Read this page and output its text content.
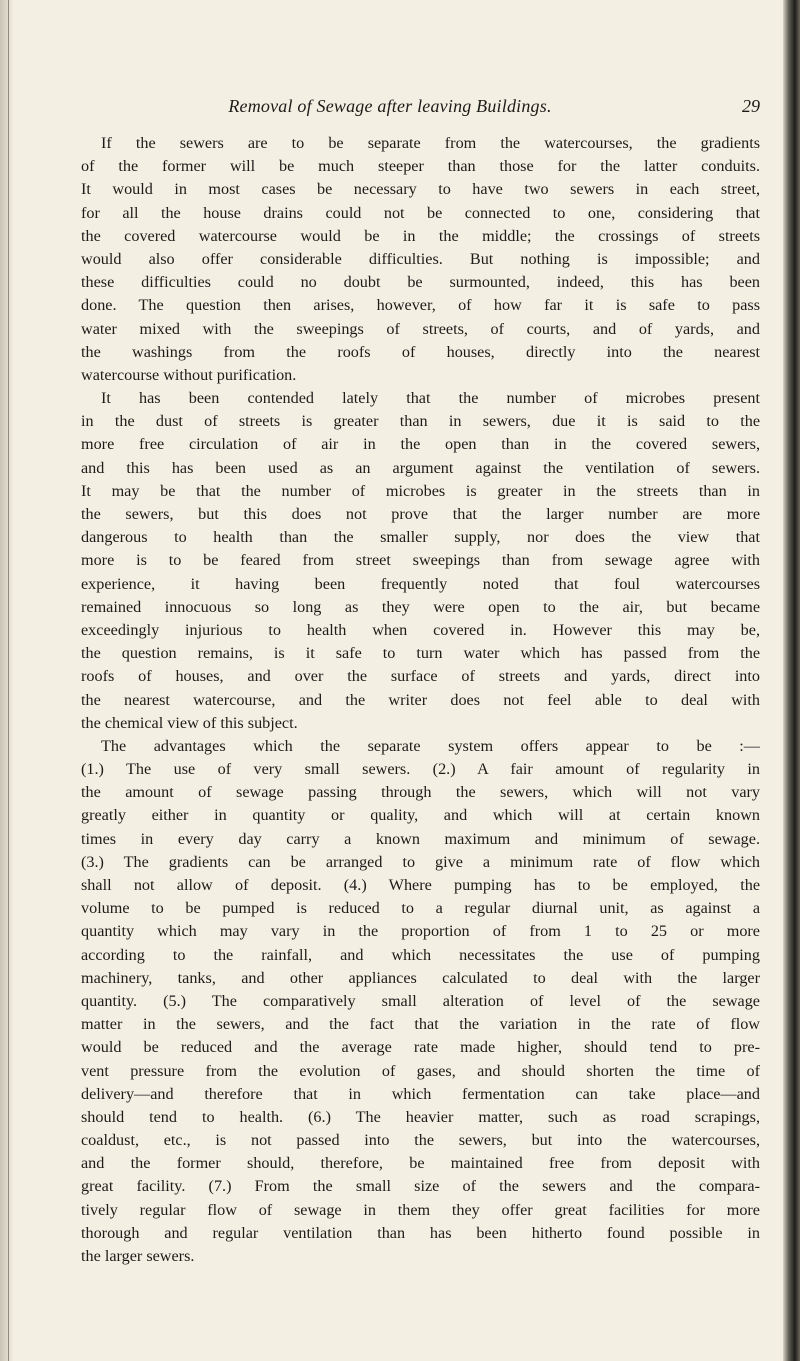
Removal of Sewage after leaving Buildings.	29
If the sewers are to be separate from the watercourses, the gradients
of the former will be much steeper than those for the latter conduits.
It would in most cases be necessary to have two sewers in each street,
for all the house drains could not be connected to one, considering that
the covered watercourse would be in the middle; the crossings of streets
would also offer considerable difficulties. But nothing is impossible; and
these difficulties could no doubt be surmounted, indeed, this has been
done. The question then arises, however, of how far it is safe to pass
water mixed with the sweepings of streets, of courts, and of yards, and
the washings from the roofs of houses, directly into the nearest
watercourse without purification.
It has been contended lately that the number of microbes present
in the dust of streets is greater than in sewers, due it is said to the
more free circulation of air in the open than in the covered sewers,
and this has been used as an argument against the ventilation of sewers.
It may be that the number of microbes is greater in the streets than in
the sewers, but this does not prove that the larger number are more
dangerous to health than the smaller supply, nor does the view that
more is to be feared from street sweepings than from sewage agree with
experience, it having been frequently noted that foul watercourses
remained innocuous so long as they were open to the air, but became
exceedingly injurious to health when covered in. However this may be,
the question remains, is it safe to turn water which has passed from the
roofs of houses, and over the surface of streets and yards, direct into
the nearest watercourse, and the writer does not feel able to deal with
the chemical view of this subject.
The advantages which the separate system offers appear to be :—
(1.) The use of very small sewers. (2.) A fair amount of regularity in
the amount of sewage passing through the sewers, which will not vary
greatly either in quantity or quality, and which will at certain known
times in every day carry a known maximum and minimum of sewage.
(3.) The gradients can be arranged to give a minimum rate of flow which
shall not allow of deposit. (4.) Where pumping has to be employed, the
volume to be pumped is reduced to a regular diurnal unit, as against a
quantity which may vary in the proportion of from 1 to 25 or more
according to the rainfall, and which necessitates the use of pumping
machinery, tanks, and other appliances calculated to deal with the larger
quantity. (5.) The comparatively small alteration of level of the sewage
matter in the sewers, and the fact that the variation in the rate of flow
would be reduced and the average rate made higher, should tend to pre-
vent pressure from the evolution of gases, and should shorten the time of
delivery—and therefore that in which fermentation can take place—and
should tend to health. (6.) The heavier matter, such as road scrapings,
coaldust, etc., is not passed into the sewers, but into the watercourses,
and the former should, therefore, be maintained free from deposit with
great facility. (7.) From the small size of the sewers and the compara-
tively regular flow of sewage in them they offer great facilities for more
thorough and regular ventilation than has been hitherto found possible in
the larger sewers.
